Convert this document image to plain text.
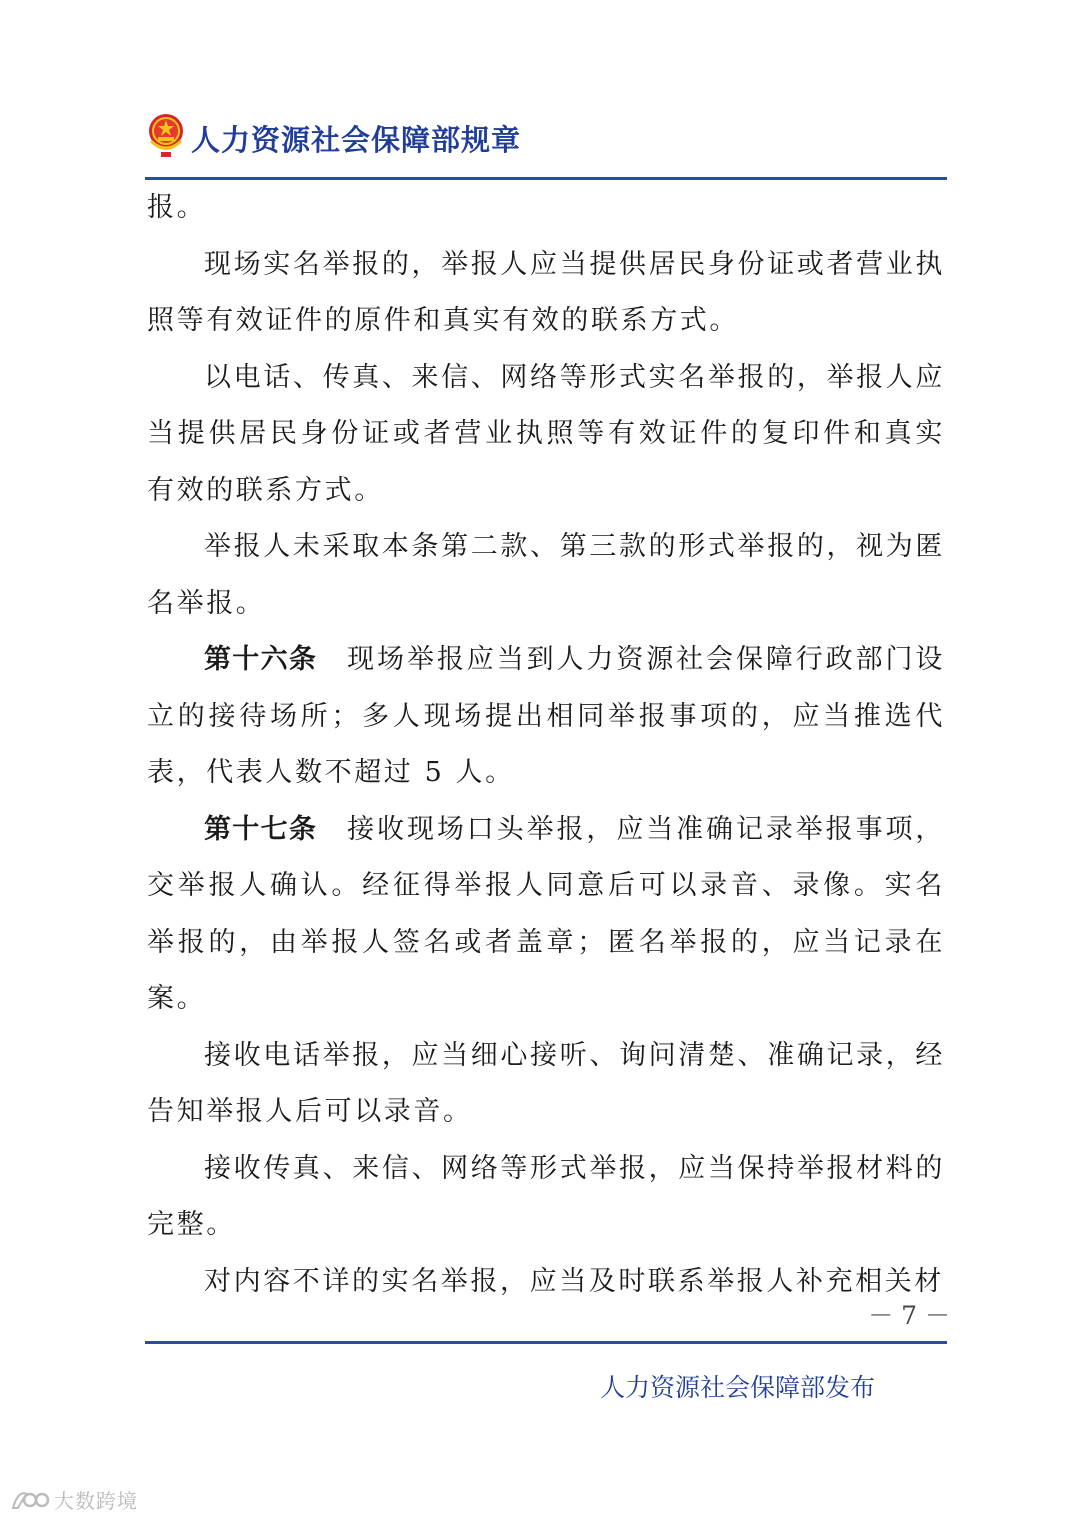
人力资源社会保障部规章

报。

现场实名举报的，举报人应当提供居民身份证或者营业执照等有效证件的原件和真实有效的联系方式。

以电话、传真、来信、网络等形式实名举报的，举报人应当提供居民身份证或者营业执照等有效证件的复印件和真实有效的联系方式。

举报人未采取本条第二款、第三款的形式举报的，视为匿名举报。

第十六条  现场举报应当到人力资源社会保障行政部门设立的接待场所；多人现场提出相同举报事项的，应当推选代表，代表人数不超过 5 人。

第十七条  接收现场口头举报，应当准确记录举报事项，交举报人确认。经征得举报人同意后可以录音、录像。实名举报的，由举报人签名或者盖章；匿名举报的，应当记录在案。

接收电话举报，应当细心接听、询问清楚、准确记录，经告知举报人后可以录音。

接收传真、来信、网络等形式举报，应当保持举报材料的完整。

对内容不详的实名举报，应当及时联系举报人补充相关材

－ 7 －
人力资源社会保障部发布
大数跨境
